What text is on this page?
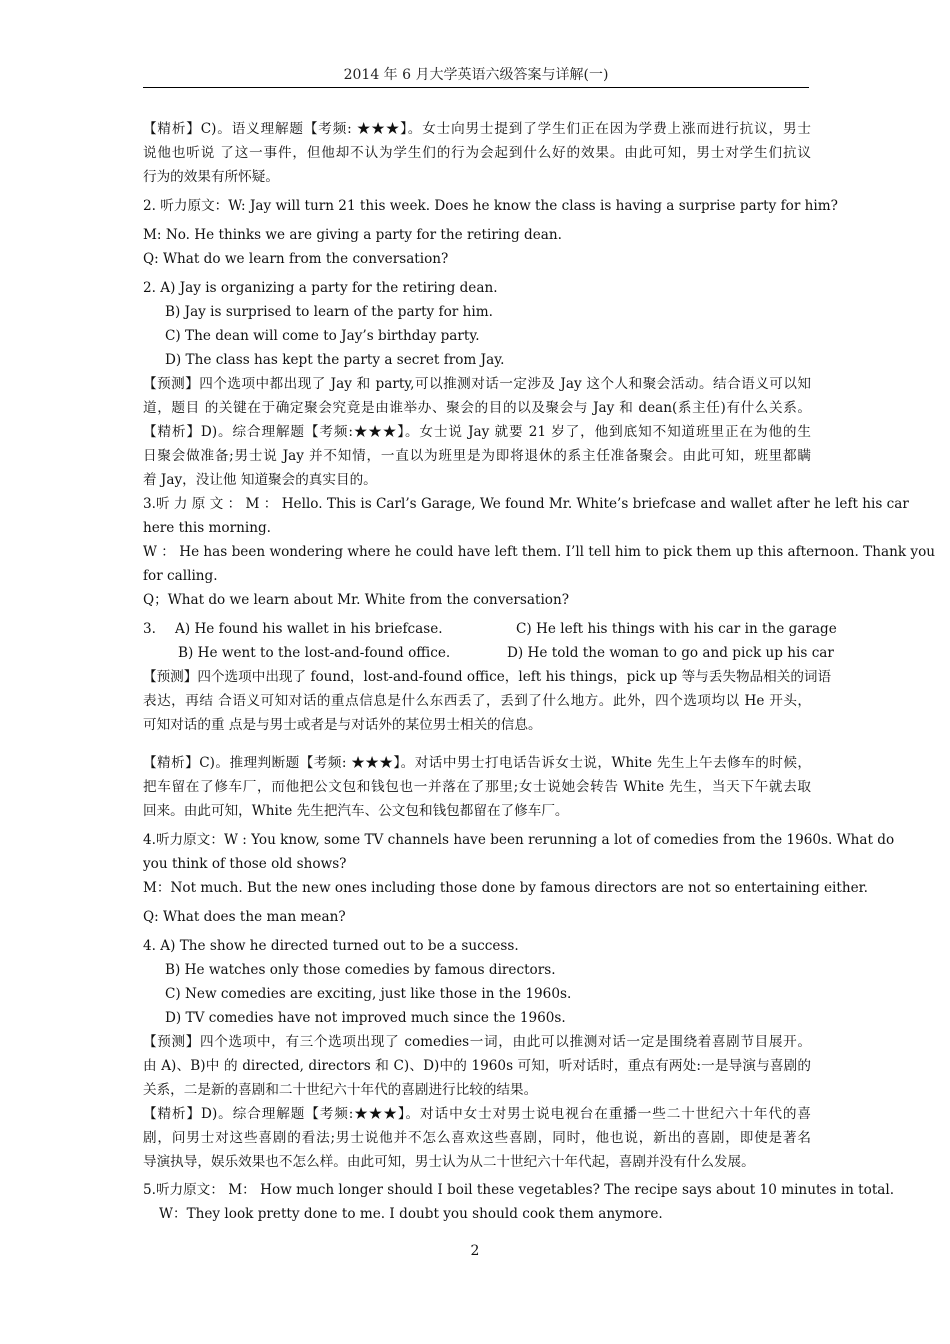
2014 年 6 月大学英语六级答案与详解(一)
【精析】C)。语义理解题【考频: ★★★】。女士向男士提到了学生们正在因为学费上涨而进行抗议，男士
说他也听说 了这一事件，但他却不认为学生们的行为会起到什么好的效果。由此可知，男士对学生们抗议
行为的效果有所怀疑。
2. 听力原文：W: Jay will turn 21 this week. Does he know the class is having a surprise party for him?
M: No. He thinks we are giving a party for the retiring dean.
Q: What do we learn from the conversation?
2. A) Jay is organizing a party for the retiring dean.
B) Jay is surprised to learn of the party for him.
C) The dean will come to Jay’s birthday party.
D) The class has kept the party a secret from Jay.
【预测】四个选项中都出现了 Jay 和 party,可以推测对话一定涉及 Jay 这个人和聚会活动。结合语义可以知
道，题目 的关键在于确定聚会究竟是由谁举办、聚会的目的以及聚会与 Jay 和 dean(系主任)有什么关系。
【精析】D)。综合理解题【考频:★★★】。女士说 Jay 就要 21 岁了，他到底知不知道班里正在为他的生
日聚会做准备;男士说 Jay 并不知情，一直以为班里是为即将退休的系主任准备聚会。由此可知，班里都瞒
着 Jay，没让他 知道聚会的真实目的。
3.听 力 原 文 ： M ： Hello. This is Carl’s Garage, We found Mr. White’s briefcase and wallet after he left his car
here this morning.
W ： He has been wondering where he could have left them. I’ll tell him to pick them up this afternoon. Thank you
for calling.
Q；What do we learn about Mr. White from the conversation?
3. A) He found his wallet in his briefcase.	C) He left his things with his car in the garage
B) He went to the lost-and-found office.	D) He told the woman to go and pick up his car
【预测】四个选项中出现了 found，lost-and-found office，left his things，pick up 等与丢失物品相关的词语
表达，再结 合语义可知对话的重点信息是什么东西丢了，丢到了什么地方。此外，四个选项均以 He 开头，
可知对话的重 点是与男士或者是与对话外的某位男士相关的信息。
【精析】C)。推理判断题【考频: ★★★】。对话中男士打电话告诉女士说，White 先生上午去修车的时候，
把车留在了修车厂，而他把公文包和钱包也一并落在了那里;女士说她会转告 White 先生，当天下午就去取
回来。由此可知，White 先生把汽车、公文包和钱包都留在了修车厂。
4.听力原文：W : You know, some TV channels have been rerunning a lot of comedies from the 1960s. What do
you think of those old shows?
M：Not much. But the new ones including those done by famous directors are not so entertaining either.
Q: What does the man mean?
4. A) The show he directed turned out to be a success.
B) He watches only those comedies by famous directors.
C) New comedies are exciting, just like those in the 1960s.
D) TV comedies have not improved much since the 1960s.
【预测】四个选项中，有三个选项出现了 comedies一词，由此可以推测对话一定是围绕着喜剧节目展开。
由 A)、B)中 的 directed, directors 和 C)、D)中的 1960s 可知，听对话时，重点有两处:一是导演与喜剧的
关系，二是新的喜剧和二十世纪六十年代的喜剧进行比较的结果。
【精析】D)。综合理解题【考频:★★★】。对话中女士对男士说电视台在重播一些二十世纪六十年代的喜
剧，问男士对这些喜剧的看法;男士说他并不怎么喜欢这些喜剧，同时，他也说，新出的喜剧，即使是著名
导演执导，娱乐效果也不怎么样。由此可知，男士认为从二十世纪六十年代起，喜剧并没有什么发展。
5.听力原文： M： How much longer should I boil these vegetables? The recipe says about 10 minutes in total.
W：They look pretty done to me. I doubt you should cook them anymore.
2
